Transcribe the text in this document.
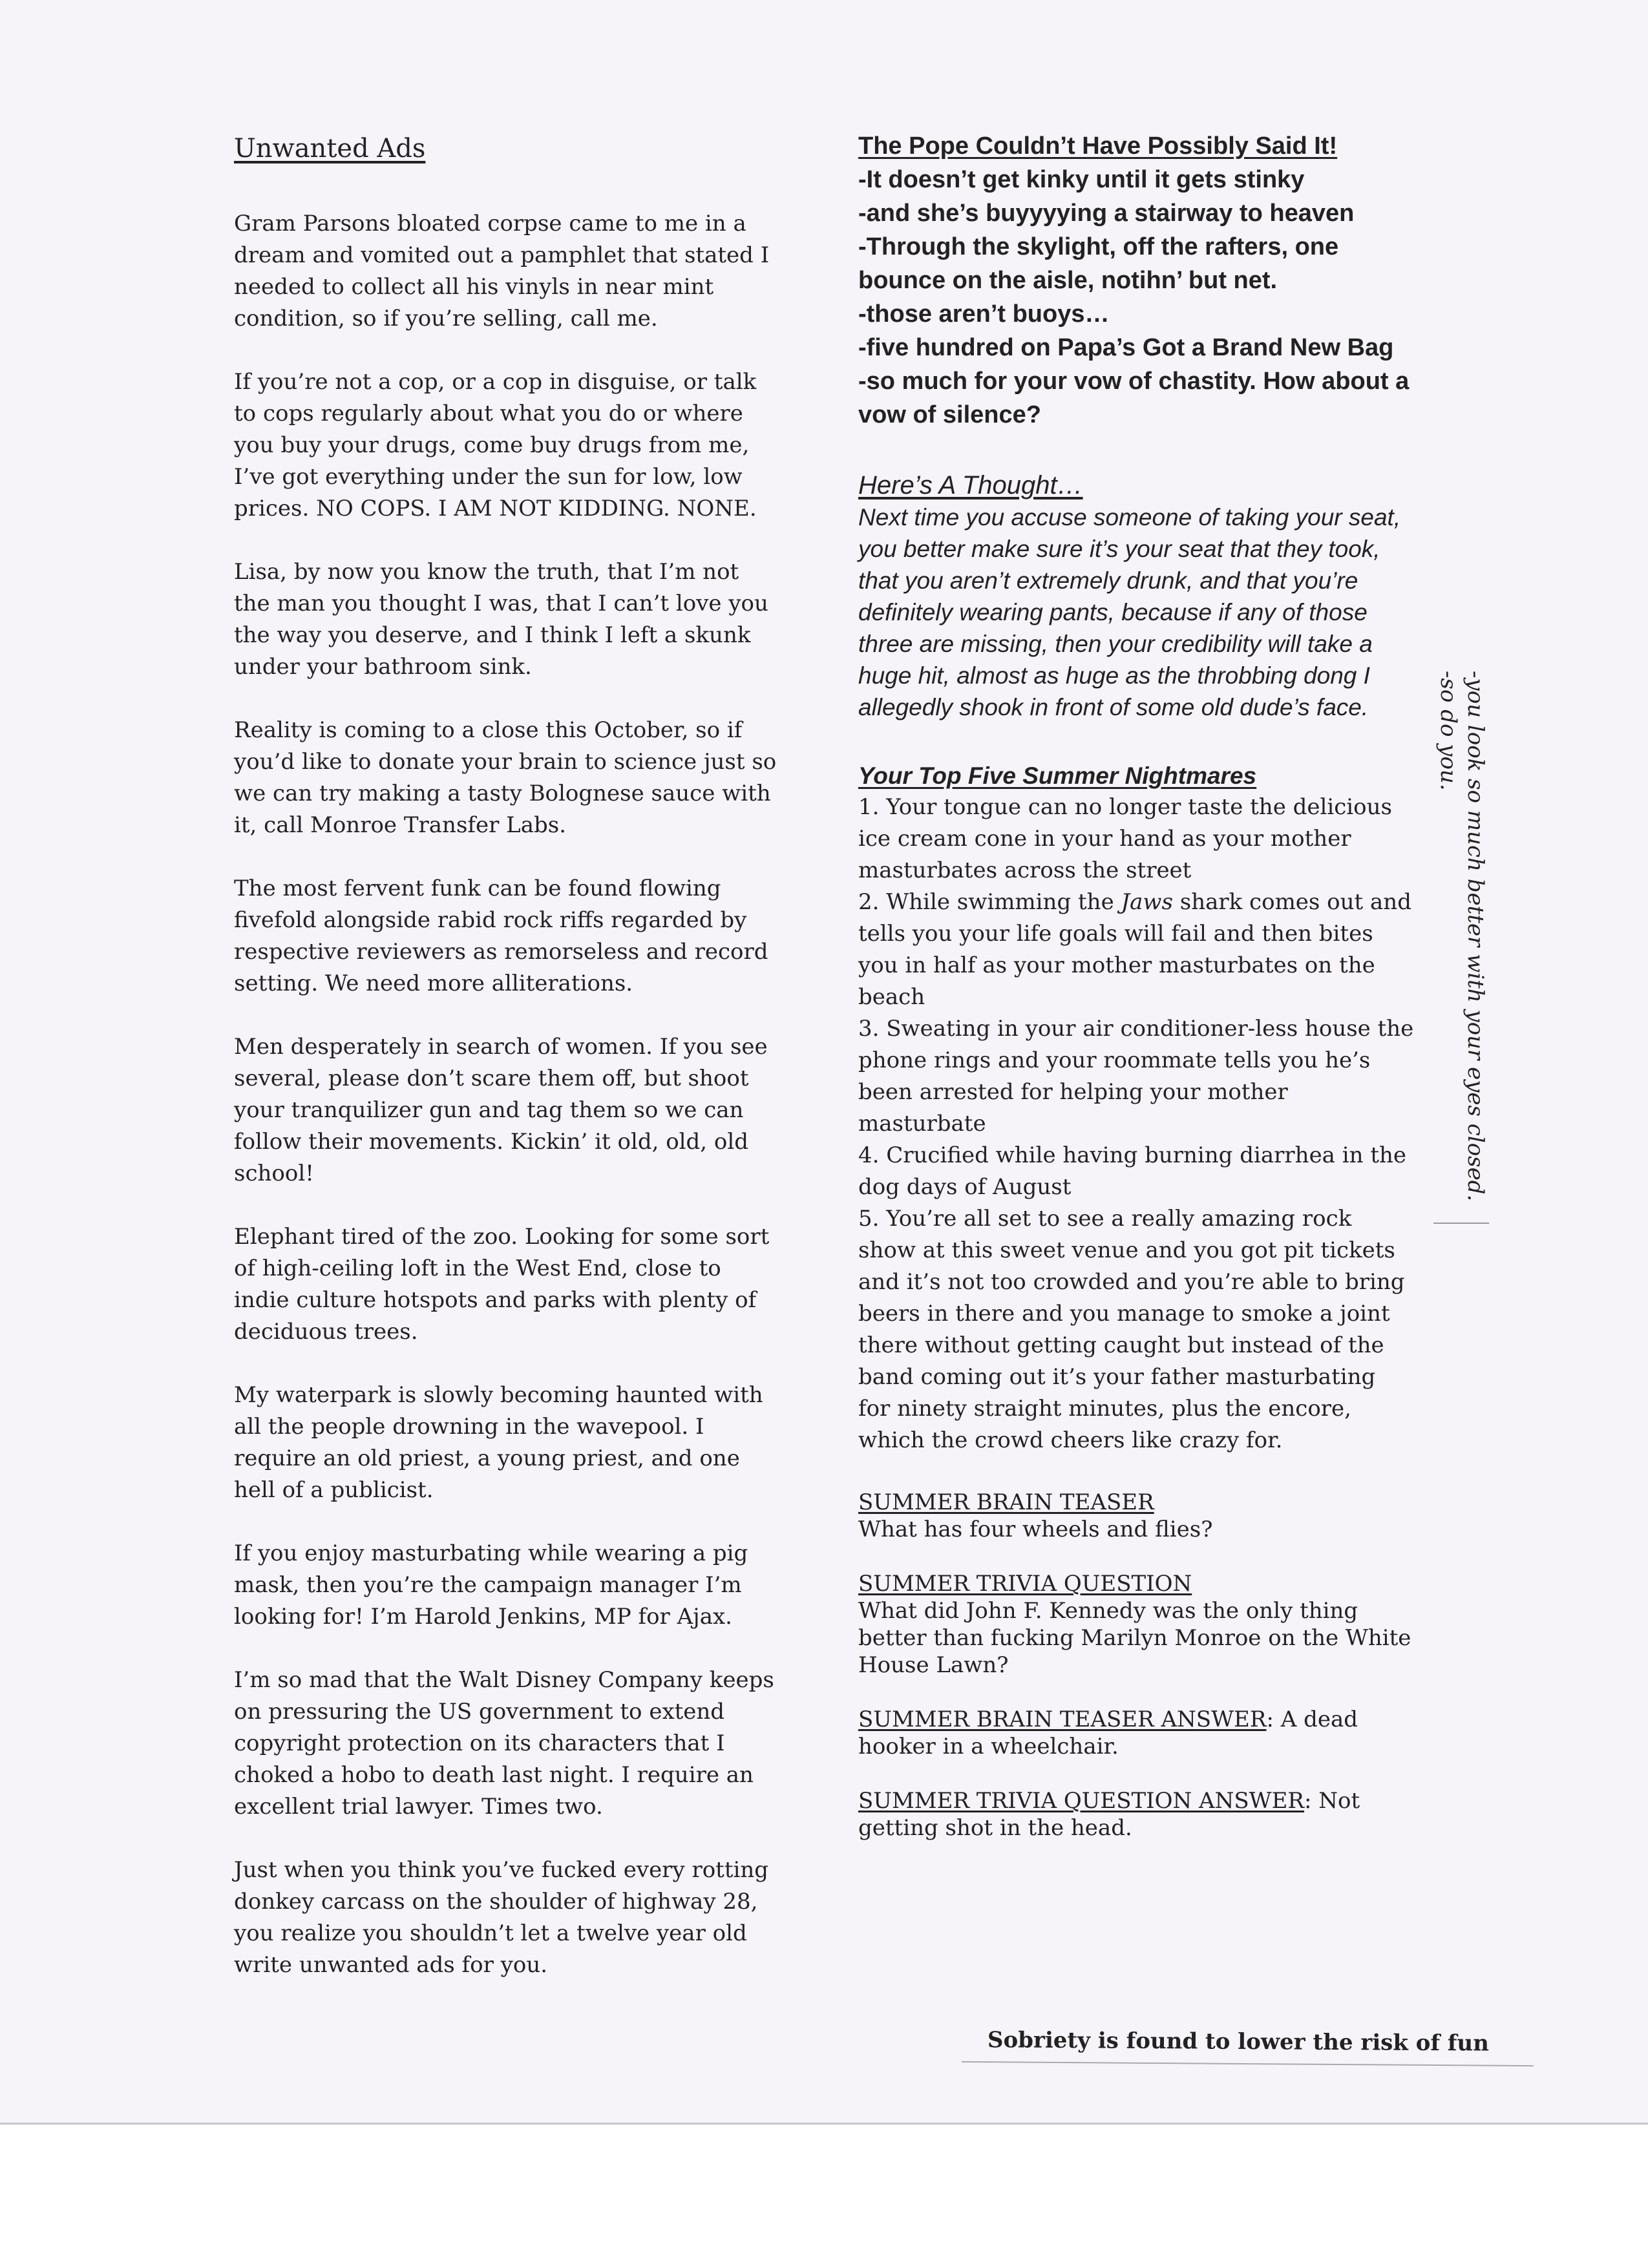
Unwanted Ads

Gram Parsons bloated corpse came to me in a dream and vomited out a pamphlet that stated I needed to collect all his vinyls in near mint condition, so if you’re selling, call me.

If you’re not a cop, or a cop in disguise, or talk to cops regularly about what you do or where you buy your drugs, come buy drugs from me, I’ve got everything under the sun for low, low prices. NO COPS. I AM NOT KIDDING. NONE.

Lisa, by now you know the truth, that I’m not the man you thought I was, that I can’t love you the way you deserve, and I think I left a skunk under your bathroom sink.

Reality is coming to a close this October, so if you’d like to donate your brain to science just so we can try making a tasty Bolognese sauce with it, call Monroe Transfer Labs.

The most fervent funk can be found flowing fivefold alongside rabid rock riffs regarded by respective reviewers as remorseless and record setting. We need more alliterations.

Men desperately in search of women. If you see several, please don’t scare them off, but shoot your tranquilizer gun and tag them so we can follow their movements. Kickin’ it old, old, old school!

Elephant tired of the zoo. Looking for some sort of high-ceiling loft in the West End, close to indie culture hotspots and parks with plenty of deciduous trees.

My waterpark is slowly becoming haunted with all the people drowning in the wavepool. I require an old priest, a young priest, and one hell of a publicist.

If you enjoy masturbating while wearing a pig mask, then you’re the campaign manager I’m looking for! I’m Harold Jenkins, MP for Ajax.

I’m so mad that the Walt Disney Company keeps on pressuring the US government to extend copyright protection on its characters that I choked a hobo to death last night. I require an excellent trial lawyer. Times two.

Just when you think you’ve fucked every rotting donkey carcass on the shoulder of highway 28, you realize you shouldn’t let a twelve year old write unwanted ads for you.

The Pope Couldn’t Have Possibly Said It!

-It doesn’t get kinky until it gets stinky

-and she’s buyyyying a stairway to heaven

-Through the skylight, off the rafters, one bounce on the aisle, notihn’ but net.

-those aren’t buoys…

-five hundred on Papa’s Got a Brand New Bag

-so much for your vow of chastity. How about a vow of silence?

Here’s A Thought…

Next time you accuse someone of taking your seat, you better make sure it’s your seat that they took, that you aren’t extremely drunk, and that you’re definitely wearing pants, because if any of those three are missing, then your credibility will take a huge hit, almost as huge as the throbbing dong I allegedly shook in front of some old dude’s face.

Your Top Five Summer Nightmares

1. Your tongue can no longer taste the delicious ice cream cone in your hand as your mother masturbates across the street

2. While swimming the Jaws shark comes out and tells you your life goals will fail and then bites you in half as your mother masturbates on the beach

3. Sweating in your air conditioner-less house the phone rings and your roommate tells you he’s been arrested for helping your mother masturbate

4. Crucified while having burning diarrhea in the dog days of August

5. You’re all set to see a really amazing rock show at this sweet venue and you got pit tickets and it’s not too crowded and you’re able to bring beers in there and you manage to smoke a joint there without getting caught but instead of the band coming out it’s your father masturbating for ninety straight minutes, plus the encore, which the crowd cheers like crazy for.

SUMMER BRAIN TEASER

What has four wheels and flies?

SUMMER TRIVIA QUESTION

What did John F. Kennedy was the only thing better than fucking Marilyn Monroe on the White House Lawn?

SUMMER BRAIN TEASER ANSWER: A dead hooker in a wheelchair.

SUMMER TRIVIA QUESTION ANSWER: Not getting shot in the head.

-you look so much better with your eyes closed.

-so do you.

Sobriety is found to lower the risk of fun
